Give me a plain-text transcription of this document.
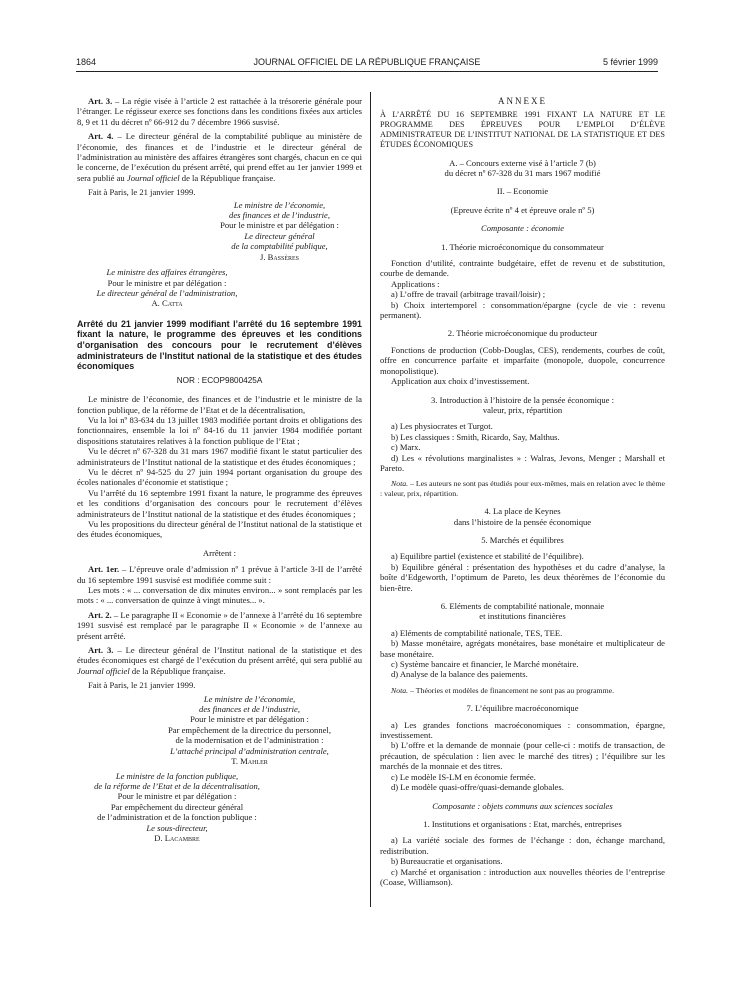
1864	JOURNAL OFFICIEL DE LA RÉPUBLIQUE FRANÇAISE	5 février 1999

Art. 3. – La régie visée à l’article 2 est rattachée à la trésorerie générale pour l’étranger. Le régisseur exerce ses fonctions dans les conditions fixées aux articles 8, 9 et 11 du décret nº 66-912 du 7 décembre 1966 susvisé.

Art. 4. – Le directeur général de la comptabilité publique au ministère de l’économie, des finances et de l’industrie et le directeur général de l’administration au ministère des affaires étrangères sont chargés, chacun en ce qui le concerne, de l’exécution du présent arrêté, qui prend effet au 1er janvier 1999 et sera publié au Journal officiel de la République française.

Fait à Paris, le 21 janvier 1999.

Le ministre de l’économie,

des finances et de l’industrie,

Pour le ministre et par délégation :

Le directeur général

de la comptabilité publique,

J. Bassères

Le ministre des affaires étrangères,

Pour le ministre et par délégation :

Le directeur général de l’administration,

A. Catta

Arrêté du 21 janvier 1999 modifiant l’arrêté du 16 septembre 1991 fixant la nature, le programme des épreuves et les conditions d’organisation des concours pour le recrutement d’élèves administrateurs de l’Institut national de la statistique et des études économiques

NOR : ECOP9800425A

Le ministre de l’économie, des finances et de l’industrie et le ministre de la fonction publique, de la réforme de l’Etat et de la décentralisation,

Vu la loi nº 83-634 du 13 juillet 1983 modifiée portant droits et obligations des fonctionnaires, ensemble la loi nº 84-16 du 11 janvier 1984 modifiée portant dispositions statutaires relatives à la fonction publique de l’Etat ;

Vu le décret nº 67-328 du 31 mars 1967 modifié fixant le statut particulier des administrateurs de l’Institut national de la statistique et des études économiques ;

Vu le décret nº 94-525 du 27 juin 1994 portant organisation du groupe des écoles nationales d’économie et statistique ;

Vu l’arrêté du 16 septembre 1991 fixant la nature, le programme des épreuves et les conditions d’organisation des concours pour le recrutement d’élèves administrateurs de l’Institut national de la statistique et des études économiques ;

Vu les propositions du directeur général de l’Institut national de la statistique et des études économiques,

Arrêtent :

Art. 1er. – L’épreuve orale d’admission nº 1 prévue à l’article 3-II de l’arrêté du 16 septembre 1991 susvisé est modifiée comme suit :

Les mots : « ... conversation de dix minutes environ... » sont remplacés par les mots : « ... conversation de quinze à vingt minutes... ».

Art. 2. – Le paragraphe II « Economie » de l’annexe à l’arrêté du 16 septembre 1991 susvisé est remplacé par le paragraphe II « Economie » de l’annexe au présent arrêté.

Art. 3. – Le directeur général de l’Institut national de la statistique et des études économiques est chargé de l’exécution du présent arrêté, qui sera publié au Journal officiel de la République française.

Fait à Paris, le 21 janvier 1999.

Le ministre de l’économie,

des finances et de l’industrie,

Pour le ministre et par délégation :

Par empêchement de la directrice du personnel,

de la modernisation et de l’administration :

L’attaché principal d’administration centrale,

T. Mahler

Le ministre de la fonction publique,

de la réforme de l’Etat et de la décentralisation,

Pour le ministre et par délégation :

Par empêchement du directeur général

de l’administration et de la fonction publique :

Le sous-directeur,

D. Lacambre

ANNEXE

À L’ARRÊTÉ DU 16 SEPTEMBRE 1991 FIXANT LA NATURE ET LE PROGRAMME DES ÉPREUVES POUR L’EMPLOI D’ÉLÈVE ADMINISTRATEUR DE L’INSTITUT NATIONAL DE LA STATISTIQUE ET DES ÉTUDES ÉCONOMIQUES

A. – Concours externe visé à l’article 7 (b)

du décret nº 67-328 du 31 mars 1967 modifié

II. – Economie

(Epreuve écrite nº 4 et épreuve orale nº 5)

Composante : économie

1. Théorie microéconomique du consommateur

Fonction d’utilité, contrainte budgétaire, effet de revenu et de substitution, courbe de demande.

Applications :

a) L’offre de travail (arbitrage travail/loisir) ;

b) Choix intertemporel : consommation/épargne (cycle de vie : revenu permanent).

2. Théorie microéconomique du producteur

Fonctions de production (Cobb-Douglas, CES), rendements, courbes de coût, offre en concurrence parfaite et imparfaite (monopole, duopole, concurrence monopolistique).

Application aux choix d’investissement.

3. Introduction à l’histoire de la pensée économique :

valeur, prix, répartition

a) Les physiocrates et Turgot.

b) Les classiques : Smith, Ricardo, Say, Malthus.

c) Marx.

d) Les « révolutions marginalistes » : Walras, Jevons, Menger ; Marshall et Pareto.

Nota. – Les auteurs ne sont pas étudiés pour eux-mêmes, mais en relation avec le thème : valeur, prix, répartition.

4. La place de Keynes

dans l’histoire de la pensée économique

5. Marchés et équilibres

a) Equilibre partiel (existence et stabilité de l’équilibre).

b) Equilibre général : présentation des hypothèses et du cadre d’analyse, la boîte d’Edgeworth, l’optimum de Pareto, les deux théorèmes de l’économie du bien-être.

6. Eléments de comptabilité nationale, monnaie

et institutions financières

a) Eléments de comptabilité nationale, TES, TEE.

b) Masse monétaire, agrégats monétaires, base monétaire et multiplicateur de base monétaire.

c) Système bancaire et financier, le Marché monétaire.

d) Analyse de la balance des paiements.

Nota. – Théories et modèles de financement ne sont pas au programme.

7. L’équilibre macroéconomique

a) Les grandes fonctions macroéconomiques : consommation, épargne, investissement.

b) L’offre et la demande de monnaie (pour celle-ci : motifs de transaction, de précaution, de spéculation : lien avec le marché des titres) ; l’équilibre sur les marchés de la monnaie et des titres.

c) Le modèle IS-LM en économie fermée.

d) Le modèle quasi-offre/quasi-demande globales.

Composante : objets communs aux sciences sociales

1. Institutions et organisations : Etat, marchés, entreprises

a) La variété sociale des formes de l’échange : don, échange marchand, redistribution.

b) Bureaucratie et organisations.

c) Marché et organisation : introduction aux nouvelles théories de l’entreprise (Coase, Williamson).
